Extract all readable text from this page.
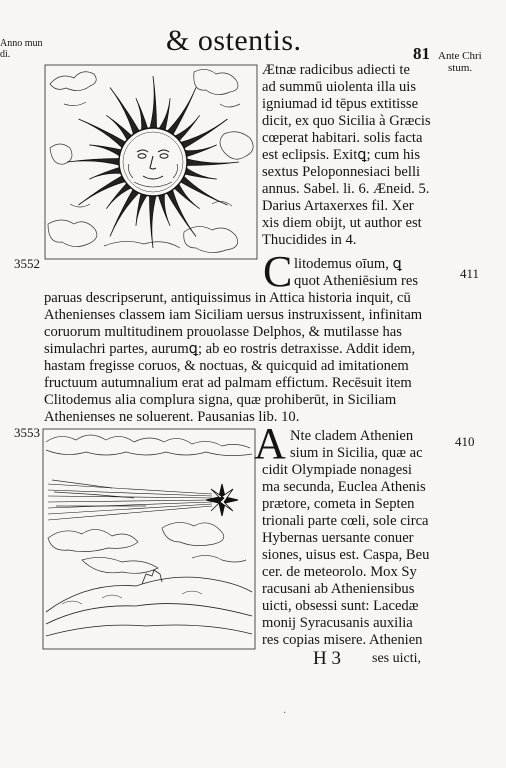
Anno mun
di.	& ostentis.	81 Ante Chri
stum.
Ætnæ radicibus adiecti te
ad summū uiolenta illa uis
igniumad id tēpus extitisse
dicit, ex quo Sicilia à Græcis
cœperat habitari. solis facta
est eclipsis. Exitꝗ; cum his
sextus Peloponnesiaci belli
annus. Sabel. li. 6. Æneid. 5.
Darius Artaxerxes fil. Xer
xis diem obijt, ut author est
Thucidides in 4.
3552
411
C litodemus oīum, ꝗ
quot Atheniēsium res
paruas descripserunt, antiquissimus in Attica historia inquit, cū
Athenienses classem iam Siciliam uersus instruxissent, infinitam
coruorum multitudinem prouolasse Delphos, & mutilasse has
simulachri partes, aurumꝗ; ab eo rostris detraxisse. Addit idem,
hastam fregisse coruos, & noctuas, & quicquid ad imitationem
fructuum autumnalium erat ad palmam effictum. Recēsuit item
Clitodemus alia complura signa, quæ prohiberūt, in Siciliam
Athenienses ne soluerent. Pausanias lib. 10.
3553
410
A Nte cladem Athenien
sium in Sicilia, quæ ac
cidit Olympiade nonagesi
ma secunda, Euclea Athenis
prætore, cometa in Septen
trionali parte cœli, sole circa
Hybernas uersante conuer
siones, uisus est. Caspa, Beu
cer. de meteorolo. Mox Sy
racusani ab Atheniensibus
uicti, obsessi sunt: Lacedæ
monij Syracusanis auxilia
res copias misere. Athenien
H 3 ses uicti,
·
